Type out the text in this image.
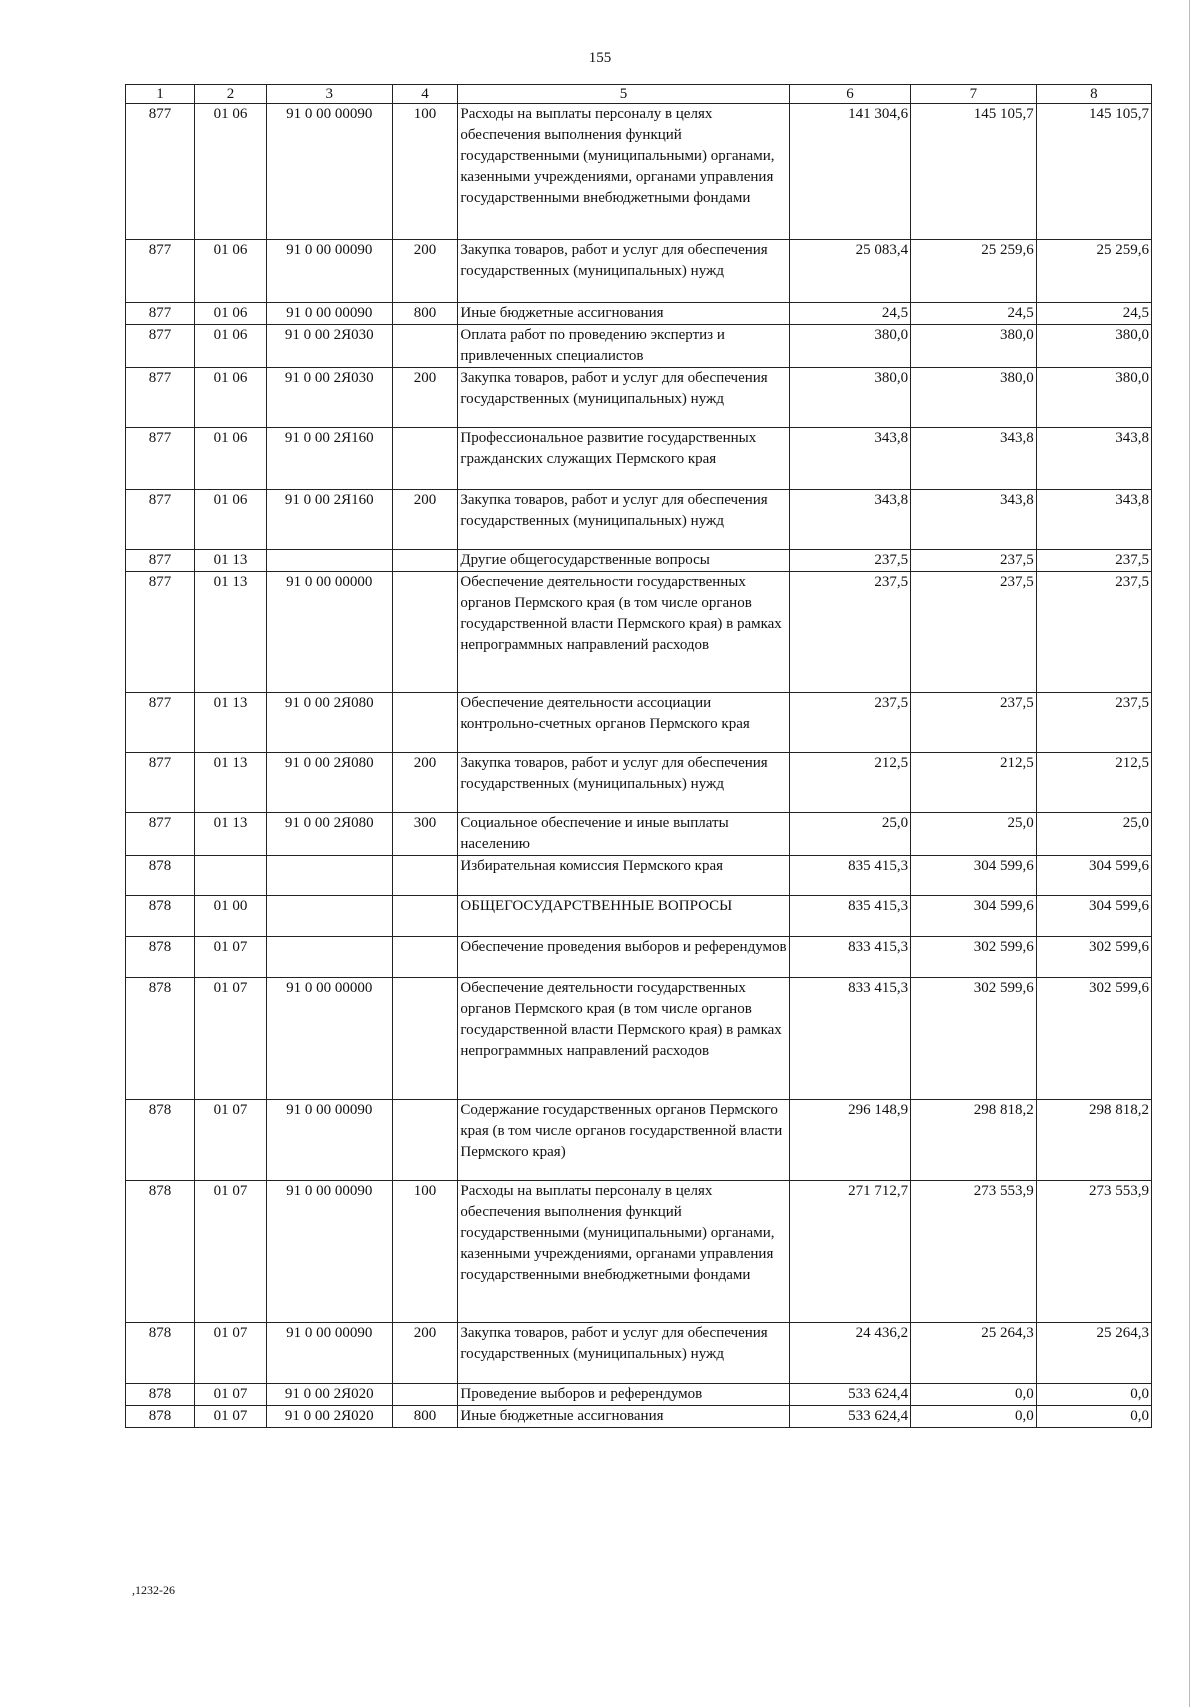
155
1	2	3	4	5	6	7	8
877	01 06	91 0 00 00090	100	Расходы на выплаты персоналу в целях обеспечения выполнения функций государственными (муниципальными) органами, казенными учреждениями, органами управления государственными внебюджетными фондами	141 304,6	145 105,7	145 105,7
877	01 06	91 0 00 00090	200	Закупка товаров, работ и услуг для обеспечения государственных (муниципальных) нужд	25 083,4	25 259,6	25 259,6
877	01 06	91 0 00 00090	800	Иные бюджетные ассигнования	24,5	24,5	24,5
877	01 06	91 0 00 2Я030		Оплата работ по проведению экспертиз и привлеченных специалистов	380,0	380,0	380,0
877	01 06	91 0 00 2Я030	200	Закупка товаров, работ и услуг для обеспечения государственных (муниципальных) нужд	380,0	380,0	380,0
877	01 06	91 0 00 2Я160		Профессиональное развитие государственных гражданских служащих Пермского края	343,8	343,8	343,8
877	01 06	91 0 00 2Я160	200	Закупка товаров, работ и услуг для обеспечения государственных (муниципальных) нужд	343,8	343,8	343,8
877	01 13			Другие общегосударственные вопросы	237,5	237,5	237,5
877	01 13	91 0 00 00000		Обеспечение деятельности государственных органов Пермского края (в том числе органов государственной власти Пермского края) в рамках непрограммных направлений расходов	237,5	237,5	237,5
877	01 13	91 0 00 2Я080		Обеспечение деятельности ассоциации контрольно-счетных органов Пермского края	237,5	237,5	237,5
877	01 13	91 0 00 2Я080	200	Закупка товаров, работ и услуг для обеспечения государственных (муниципальных) нужд	212,5	212,5	212,5
877	01 13	91 0 00 2Я080	300	Социальное обеспечение и иные выплаты населению	25,0	25,0	25,0
878				Избирательная комиссия Пермского края	835 415,3	304 599,6	304 599,6
878	01 00			ОБЩЕГОСУДАРСТВЕННЫЕ ВОПРОСЫ	835 415,3	304 599,6	304 599,6
878	01 07			Обеспечение проведения выборов и референдумов	833 415,3	302 599,6	302 599,6
878	01 07	91 0 00 00000		Обеспечение деятельности государственных органов Пермского края (в том числе органов государственной власти Пермского края) в рамках непрограммных направлений расходов	833 415,3	302 599,6	302 599,6
878	01 07	91 0 00 00090		Содержание государственных органов Пермского края (в том числе органов государственной власти Пермского края)	296 148,9	298 818,2	298 818,2
878	01 07	91 0 00 00090	100	Расходы на выплаты персоналу в целях обеспечения выполнения функций государственными (муниципальными) органами, казенными учреждениями, органами управления государственными внебюджетными фондами	271 712,7	273 553,9	273 553,9
878	01 07	91 0 00 00090	200	Закупка товаров, работ и услуг для обеспечения государственных (муниципальных) нужд	24 436,2	25 264,3	25 264,3
878	01 07	91 0 00 2Я020		Проведение выборов и референдумов	533 624,4	0,0	0,0
878	01 07	91 0 00 2Я020	800	Иные бюджетные ассигнования	533 624,4	0,0	0,0
,1232-26
